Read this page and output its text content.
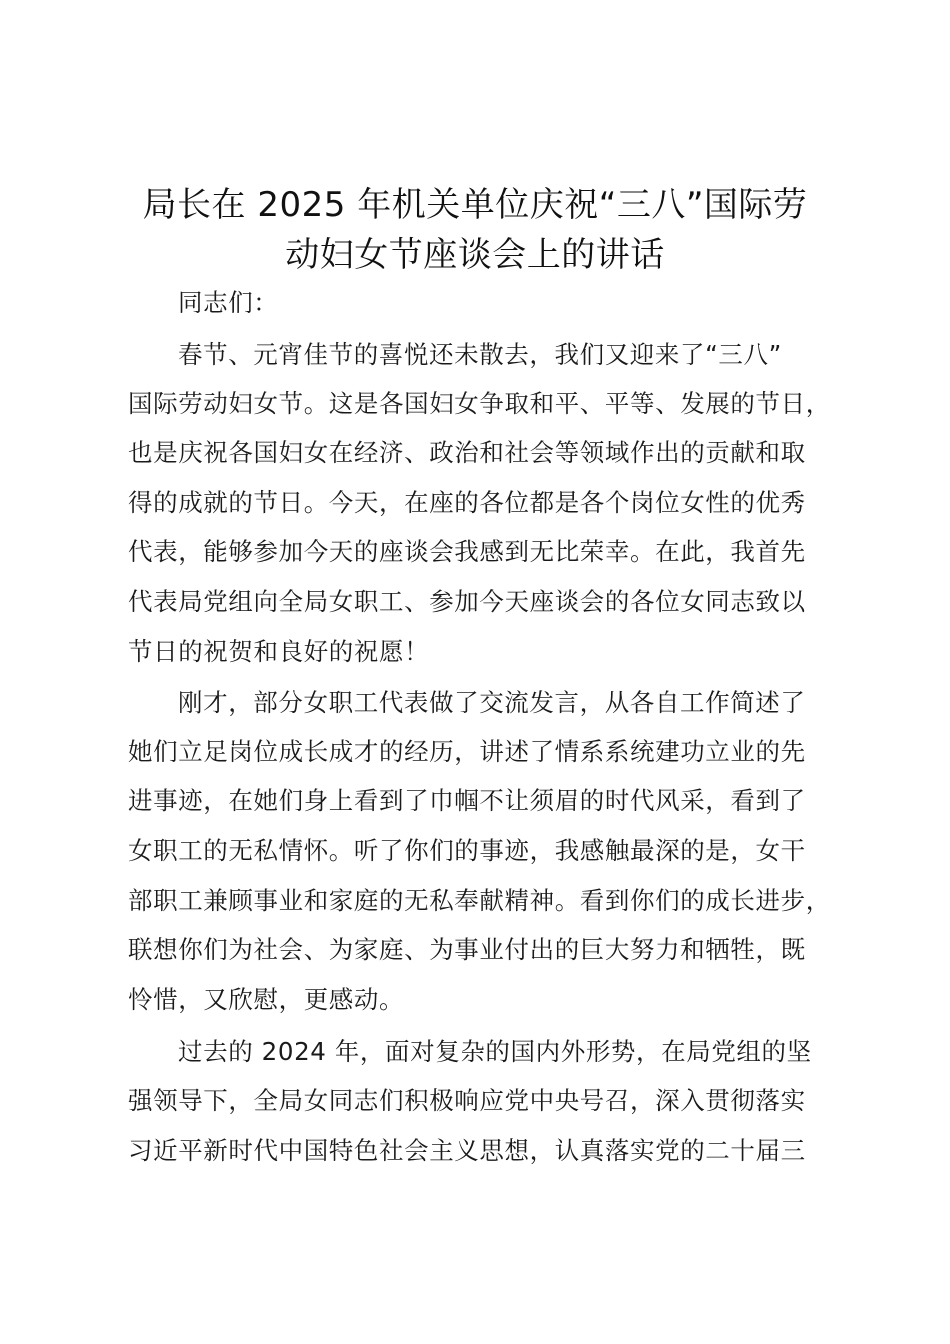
局长在 2025 年机关单位庆祝“三八”国际劳
动妇女节座谈会上的讲话
同志们：
春节、元宵佳节的喜悦还未散去，我们又迎来了“三八”
国际劳动妇女节。这是各国妇女争取和平、平等、发展的节日，
也是庆祝各国妇女在经济、政治和社会等领域作出的贡献和取
得的成就的节日。今天，在座的各位都是各个岗位女性的优秀
代表，能够参加今天的座谈会我感到无比荣幸。在此，我首先
代表局党组向全局女职工、参加今天座谈会的各位女同志致以
节日的祝贺和良好的祝愿！
刚才，部分女职工代表做了交流发言，从各自工作简述了
她们立足岗位成长成才的经历，讲述了情系系统建功立业的先
进事迹，在她们身上看到了巾帼不让须眉的时代风采，看到了
女职工的无私情怀。听了你们的事迹，我感触最深的是，女干
部职工兼顾事业和家庭的无私奉献精神。看到你们的成长进步，
联想你们为社会、为家庭、为事业付出的巨大努力和牺牲，既
怜惜，又欣慰，更感动。
过去的 2024 年，面对复杂的国内外形势，在局党组的坚
强领导下，全局女同志们积极响应党中央号召，深入贯彻落实
习近平新时代中国特色社会主义思想，认真落实党的二十届三
